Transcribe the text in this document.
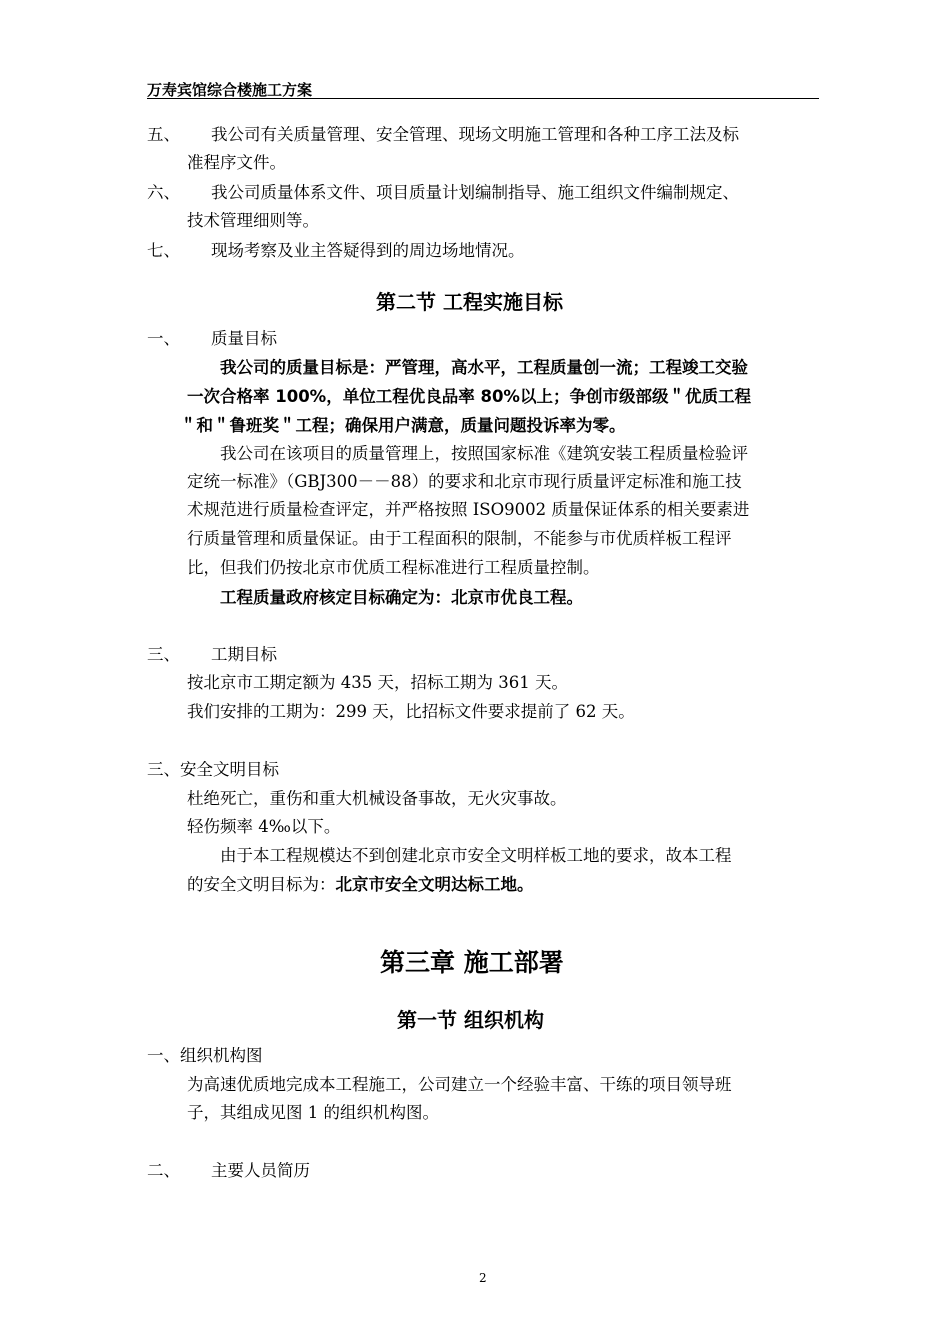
万寿宾馆综合楼施工方案
五、 我公司有关质量管理、安全管理、现场文明施工管理和各种工序工法及标
准程序文件。
六、 我公司质量体系文件、项目质量计划编制指导、施工组织文件编制规定、
技术管理细则等。
七、 现场考察及业主答疑得到的周边场地情况。
第二节 工程实施目标
一、 质量目标
我公司的质量目标是：严管理，高水平，工程质量创一流；工程竣工交验
一次合格率 100%，单位工程优良品率 80%以上；争创市级部级＂优质工程
＂和＂鲁班奖＂工程；确保用户满意，质量问题投诉率为零。
我公司在该项目的质量管理上，按照国家标准《建筑安装工程质量检验评
定统一标准》（GBJ300－－88）的要求和北京市现行质量评定标准和施工技
术规范进行质量检查评定，并严格按照 ISO9002 质量保证体系的相关要素进
行质量管理和质量保证。由于工程面积的限制，不能参与市优质样板工程评
比，但我们仍按北京市优质工程标准进行工程质量控制。
工程质量政府核定目标确定为：北京市优良工程。
三、 工期目标
按北京市工期定额为 435 天，招标工期为 361 天。
我们安排的工期为：299 天，比招标文件要求提前了 62 天。
三、安全文明目标
杜绝死亡，重伤和重大机械设备事故，无火灾事故。
轻伤频率 4‰以下。
由于本工程规模达不到创建北京市安全文明样板工地的要求，故本工程
的安全文明目标为：北京市安全文明达标工地。
第三章 施工部署
第一节 组织机构
一、组织机构图
为高速优质地完成本工程施工，公司建立一个经验丰富、干练的项目领导班
子，其组成见图 1 的组织机构图。
二、 主要人员简历
2
